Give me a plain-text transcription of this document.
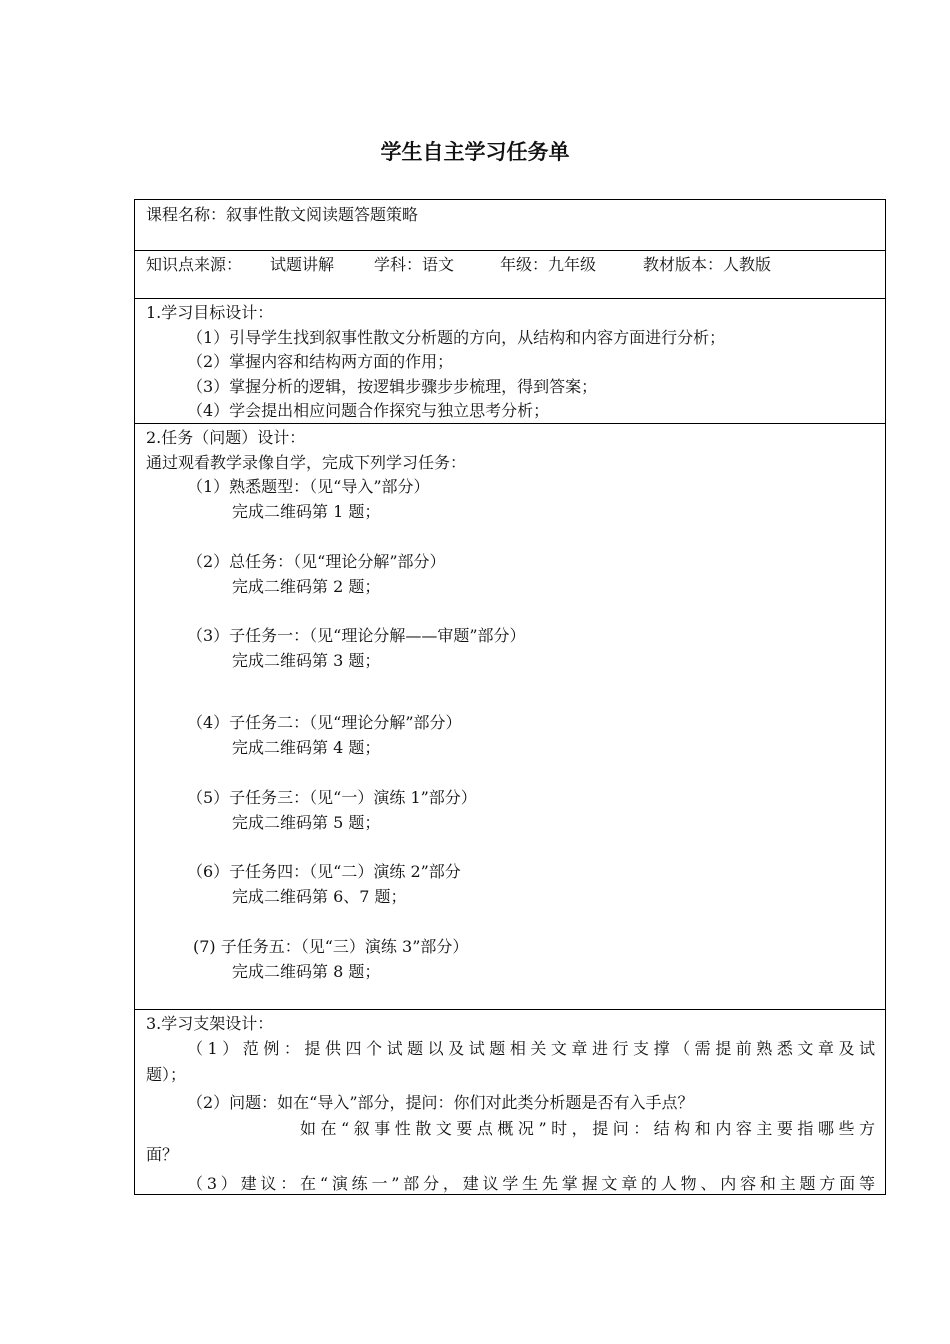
学生自主学习任务单
课程名称：叙事性散文阅读题答题策略
知识点来源： 试题讲解 学科：语文	年级：九年级	教材版本：人教版
1.学习目标设计：
（1）引导学生找到叙事性散文分析题的方向，从结构和内容方面进行分析；
（2）掌握内容和结构两方面的作用；
（3）掌握分析的逻辑，按逻辑步骤步步梳理，得到答案；
（4）学会提出相应问题合作探究与独立思考分析；
2.任务（问题）设计：
通过观看教学录像自学，完成下列学习任务：
（1）熟悉题型：（见“导入”部分）
完成二维码第 1 题；
（2）总任务：（见“理论分解”部分）
完成二维码第 2 题；
（3）子任务一：（见“理论分解——审题”部分）
完成二维码第 3 题；
（4）子任务二：（见“理论分解”部分）
完成二维码第 4 题；
（5）子任务三：（见“一）演练 1”部分）
完成二维码第 5 题；
（6）子任务四：（见“二）演练 2”部分
完成二维码第 6、7 题；
(7) 子任务五：（见“三）演练 3”部分）
完成二维码第 8 题；
3.学习支架设计：
（1）范例：提供四个试题以及试题相关文章进行支撑（需提前熟悉文章及试
题）；
（2）问题：如在“导入”部分，提问：你们对此类分析题是否有入手点？
如在“叙事性散文要点概况”时，提问：结构和内容主要指哪些方
面？
（3）建议：在“演练一”部分，建议学生先掌握文章的人物、内容和主题方面等
